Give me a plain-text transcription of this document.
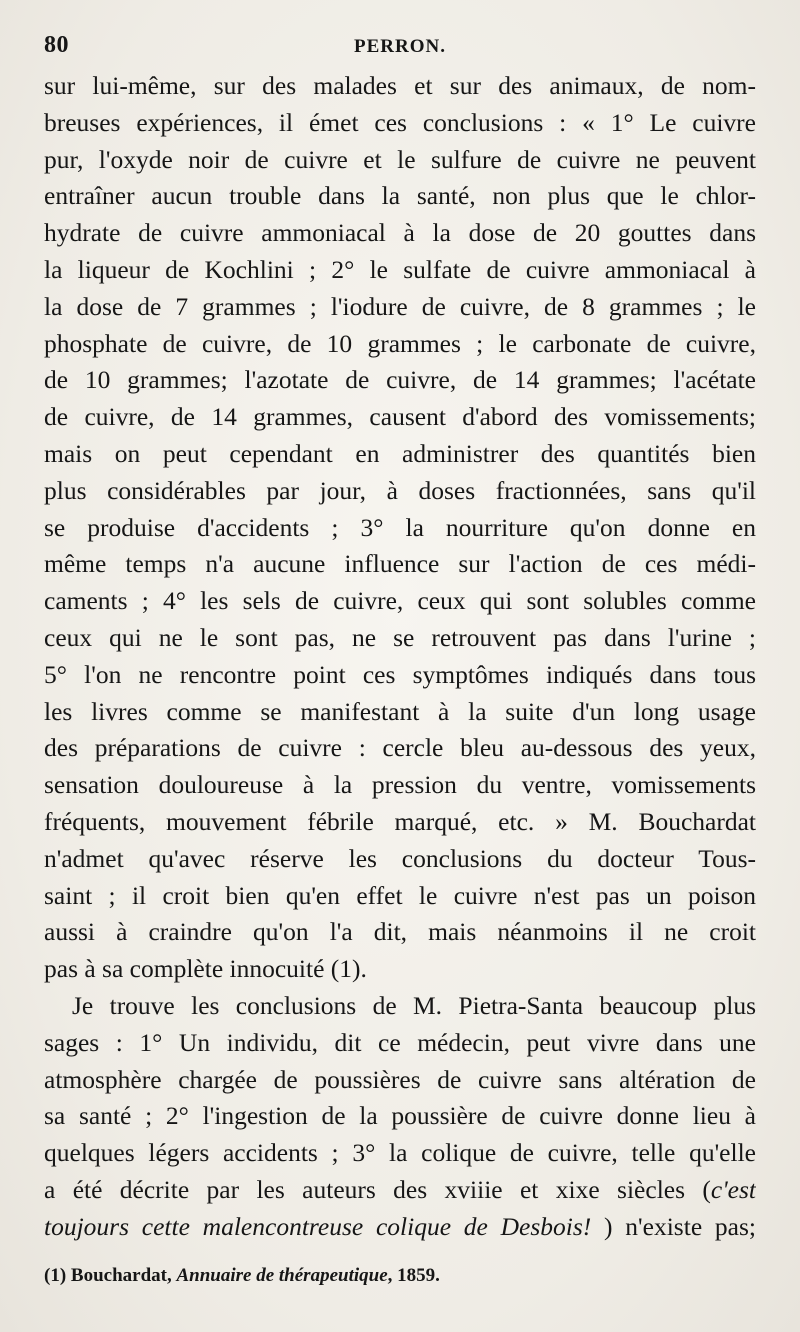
80	PERRON.
sur lui-même, sur des malades et sur des animaux, de nom-
breuses expériences, il émet ces conclusions : « 1° Le cuivre
pur, l'oxyde noir de cuivre et le sulfure de cuivre ne peuvent
entraîner aucun trouble dans la santé, non plus que le chlor-
hydrate de cuivre ammoniacal à la dose de 20 gouttes dans
la liqueur de Kochlini ; 2° le sulfate de cuivre ammoniacal à
la dose de 7 grammes ; l'iodure de cuivre, de 8 grammes ; le
phosphate de cuivre, de 10 grammes ; le carbonate de cuivre,
de 10 grammes; l'azotate de cuivre, de 14 grammes; l'acétate
de cuivre, de 14 grammes, causent d'abord des vomissements;
mais on peut cependant en administrer des quantités bien
plus considérables par jour, à doses fractionnées, sans qu'il
se produise d'accidents ; 3° la nourriture qu'on donne en
même temps n'a aucune influence sur l'action de ces médi-
caments ; 4° les sels de cuivre, ceux qui sont solubles comme
ceux qui ne le sont pas, ne se retrouvent pas dans l'urine ;
5° l'on ne rencontre point ces symptômes indiqués dans tous
les livres comme se manifestant à la suite d'un long usage
des préparations de cuivre : cercle bleu au-dessous des yeux,
sensation douloureuse à la pression du ventre, vomissements
fréquents, mouvement fébrile marqué, etc. » M. Bouchardat
n'admet qu'avec réserve les conclusions du docteur Tous-
saint ; il croit bien qu'en effet le cuivre n'est pas un poison
aussi à craindre qu'on l'a dit, mais néanmoins il ne croit
pas à sa complète innocuité (1).
Je trouve les conclusions de M. Pietra-Santa beaucoup plus
sages : 1° Un individu, dit ce médecin, peut vivre dans une
atmosphère chargée de poussières de cuivre sans altération de
sa santé ; 2° l'ingestion de la poussière de cuivre donne lieu à
quelques légers accidents ; 3° la colique de cuivre, telle qu'elle
a été décrite par les auteurs des xviiie et xixe siècles (c'est
toujours cette malencontreuse colique de Desbois! ) n'existe pas;
(1) Bouchardat, Annuaire de thérapeutique, 1859.
